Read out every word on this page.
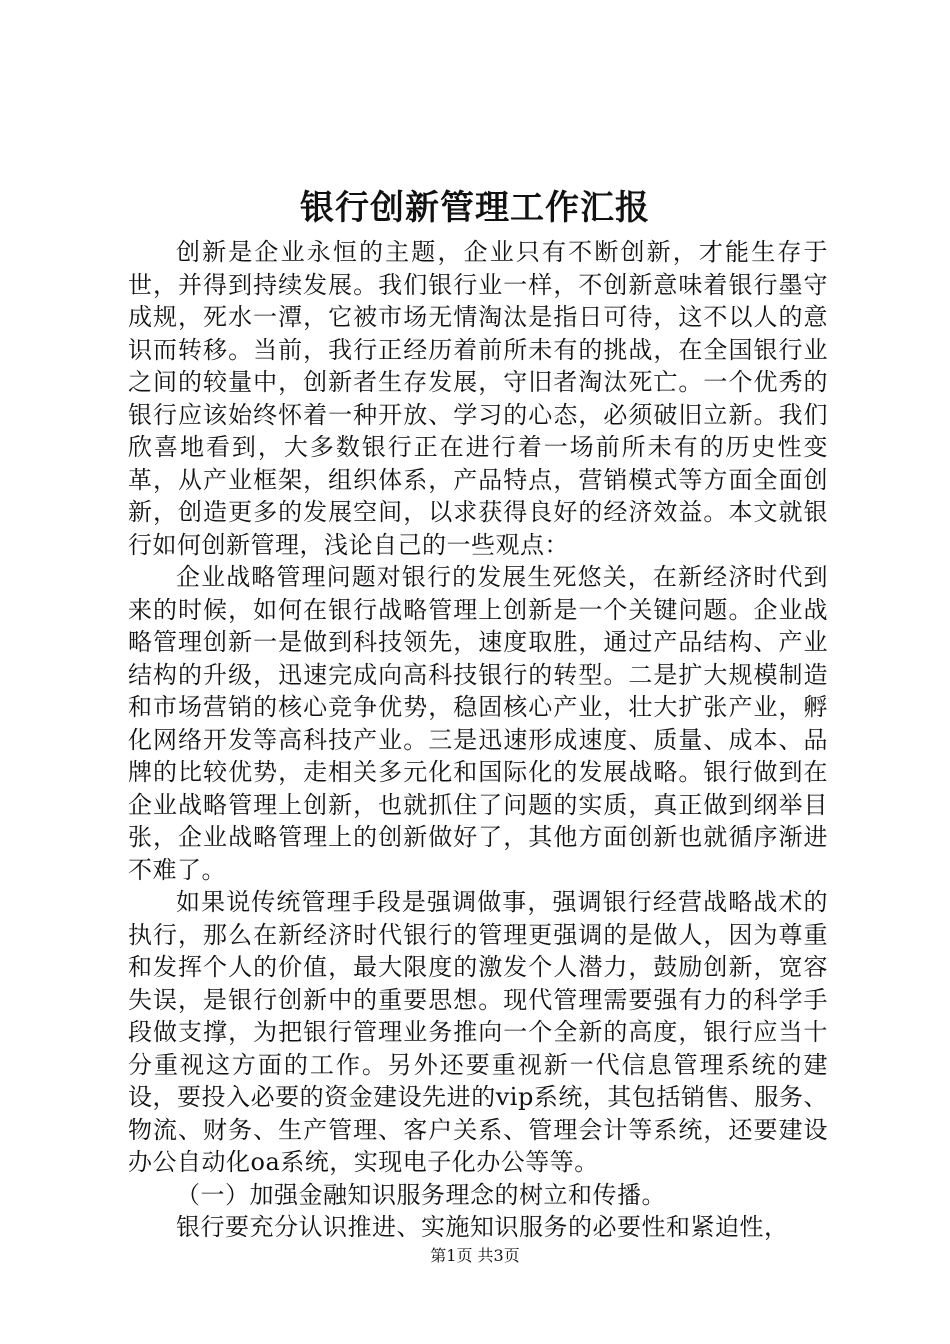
银行创新管理工作汇报

创新是企业永恒的主题，企业只有不断创新，才能生存于世，并得到持续发展。我们银行业一样，不创新意味着银行墨守成规，死水一潭，它被市场无情淘汰是指日可待，这不以人的意识而转移。当前，我行正经历着前所未有的挑战，在全国银行业之间的较量中，创新者生存发展，守旧者淘汰死亡。一个优秀的银行应该始终怀着一种开放、学习的心态，必须破旧立新。我们欣喜地看到，大多数银行正在进行着一场前所未有的历史性变革，从产业框架，组织体系，产品特点，营销模式等方面全面创新，创造更多的发展空间，以求获得良好的经济效益。本文就银行如何创新管理，浅论自己的一些观点：

企业战略管理问题对银行的发展生死悠关，在新经济时代到来的时候，如何在银行战略管理上创新是一个关键问题。企业战略管理创新一是做到科技领先，速度取胜，通过产品结构、产业结构的升级，迅速完成向高科技银行的转型。二是扩大规模制造和市场营销的核心竞争优势，稳固核心产业，壮大扩张产业，孵化网络开发等高科技产业。三是迅速形成速度、质量、成本、品牌的比较优势，走相关多元化和国际化的发展战略。银行做到在企业战略管理上创新，也就抓住了问题的实质，真正做到纲举目张，企业战略管理上的创新做好了，其他方面创新也就循序渐进不难了。

如果说传统管理手段是强调做事，强调银行经营战略战术的执行，那么在新经济时代银行的管理更强调的是做人，因为尊重和发挥个人的价值，最大限度的激发个人潜力，鼓励创新，宽容失误，是银行创新中的重要思想。现代管理需要强有力的科学手段做支撑，为把银行管理业务推向一个全新的高度，银行应当十分重视这方面的工作。另外还要重视新一代信息管理系统的建设，要投入必要的资金建设先进的vip系统，其包括销售、服务、物流、财务、生产管理、客户关系、管理会计等系统，还要建设办公自动化oa系统，实现电子化办公等等。

（一）加强金融知识服务理念的树立和传播。

银行要充分认识推进、实施知识服务的必要性和紧迫性，

第1页 共3页
